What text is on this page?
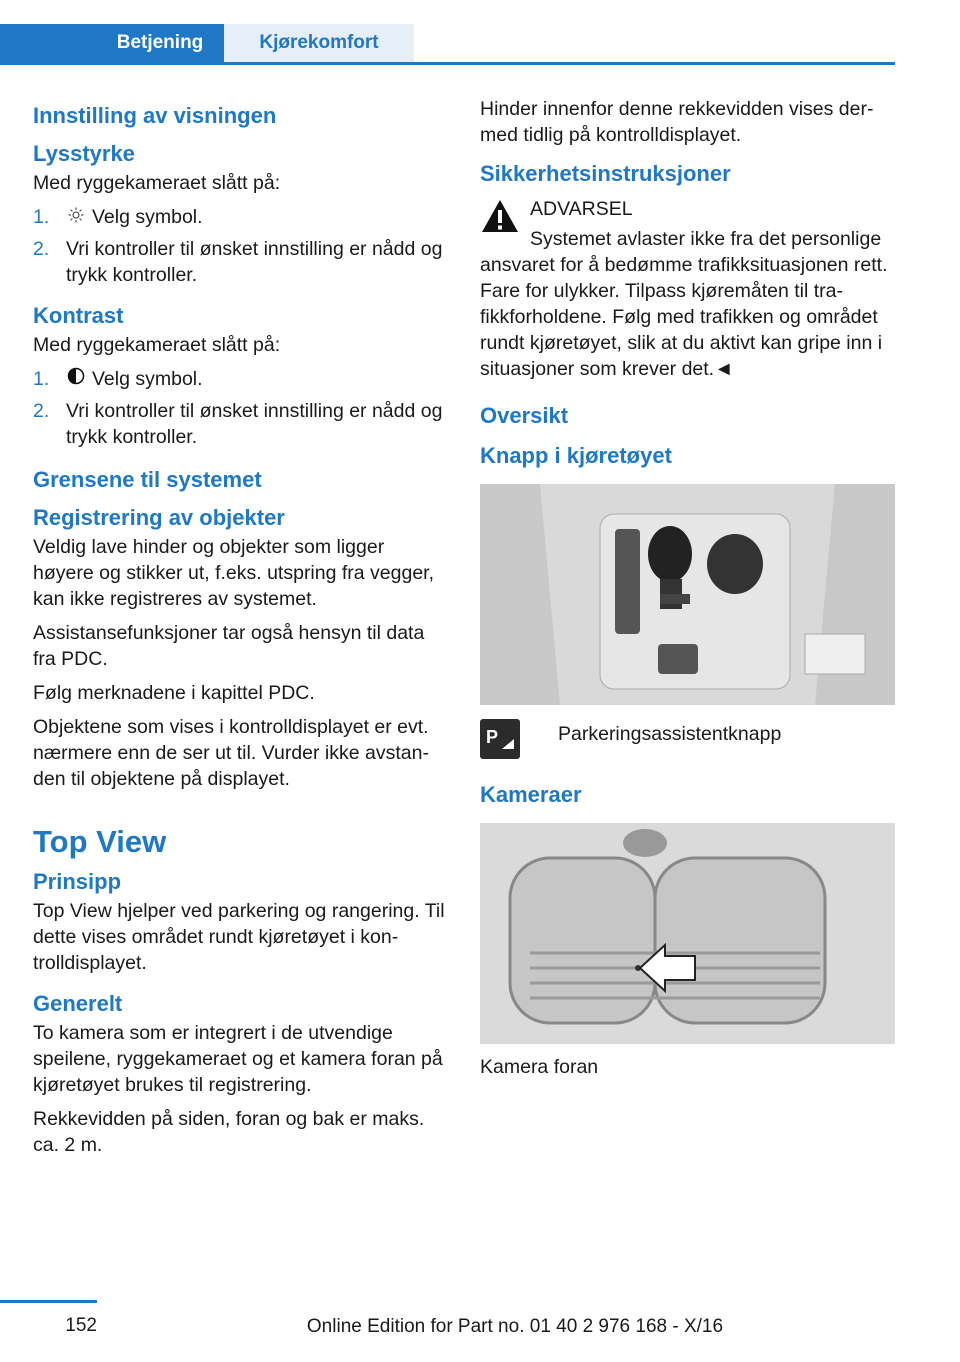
Betjening	Kjørekomfort
Innstilling av visningen
Lysstyrke

Med ryggekameraet slått på:

1. Velg symbol.
2. Vri kontroller til ønsket innstilling er nådd og trykk kontroller.
Kontrast

Med ryggekameraet slått på:

1. Velg symbol.
2. Vri kontroller til ønsket innstilling er nådd og trykk kontroller.
Grensene til systemet
Registrering av objekter

Veldig lave hinder og objekter som ligger høyere og stikker ut, f.eks. utspring fra vegger, kan ikke registreres av systemet.

Assistansefunksjoner tar også hensyn til data fra PDC.

Følg merknadene i kapittel PDC.

Objektene som vises i kontrolldisplayet er evt. nærmere enn de ser ut til. Vurder ikke avstanden til objektene på displayet.

Top View
Prinsipp

Top View hjelper ved parkering og rangering. Til dette vises området rundt kjøretøyet i kontrolldisplayet.

Generelt

To kamera som er integrert i de utvendige speilene, ryggekameraet og et kamera foran på kjøretøyet brukes til registrering.

Rekkevidden på siden, foran og bak er maks. ca. 2 m.

Hinder innenfor denne rekkevidden vises dermed tidlig på kontrolldisplayet.

Sikkerhetsinstruksjoner

ADVARSEL

Systemet avlaster ikke fra det personlige ansvaret for å bedømme trafikksituasjonen rett. Fare for ulykker. Tilpass kjøremåten til trafikkforholdene. Følg med trafikken og området rundt kjøretøyet, slik at du aktivt kan gripe inn i situasjoner som krever det.◄

Oversikt
Knapp i kjøretøyet
P	Parkeringsassistentknapp
Kameraer

Kamera foran

152	Online Edition for Part no. 01 40 2 976 168 - X/16
